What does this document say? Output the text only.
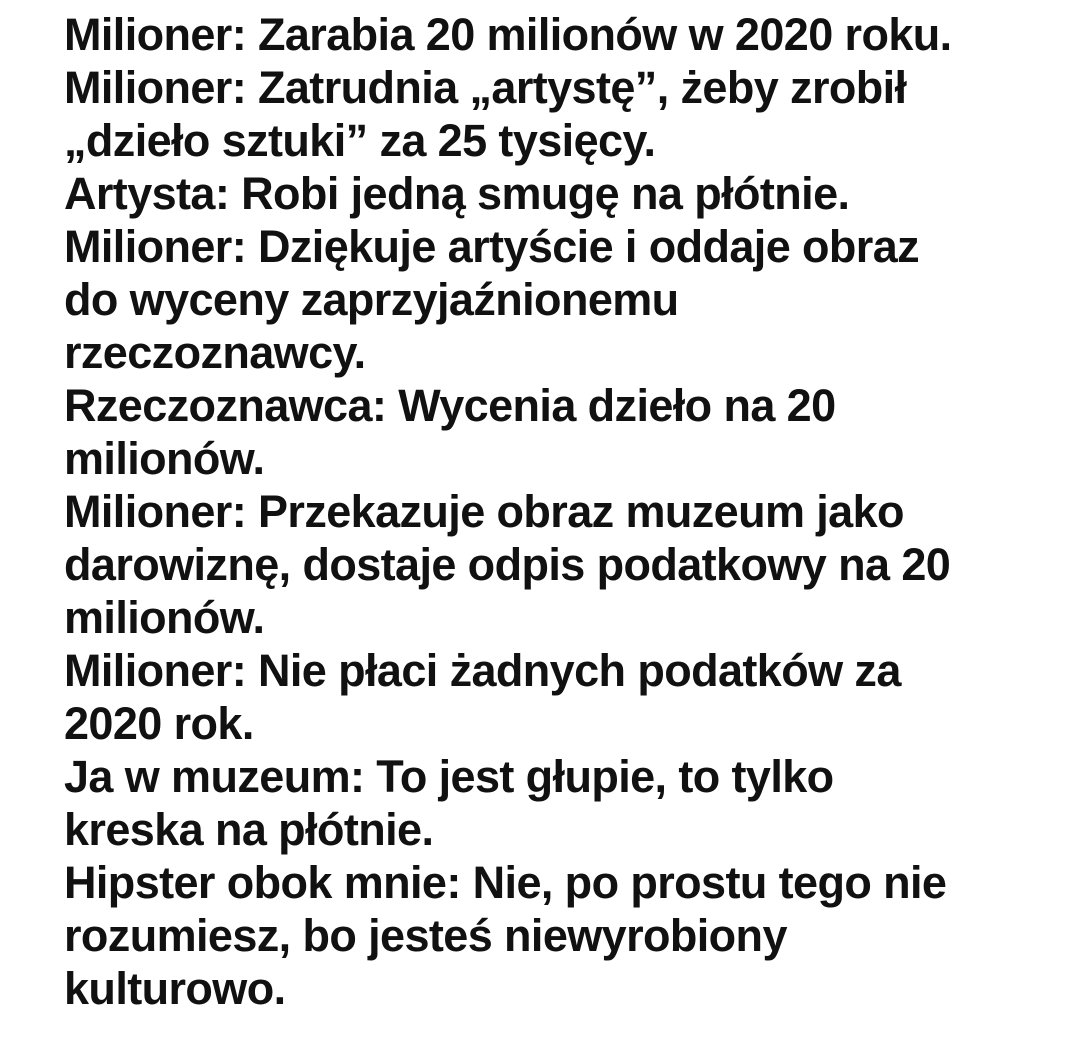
Milioner: Zarabia 20 milionów w 2020 roku.
Milioner: Zatrudnia „artystę”, żeby zrobił
„dzieło sztuki” za 25 tysięcy.
Artysta: Robi jedną smugę na płótnie.
Milioner: Dziękuje artyście i oddaje obraz
do wyceny zaprzyjaźnionemu
rzeczoznawcy.
Rzeczoznawca: Wycenia dzieło na 20
milionów.
Milioner: Przekazuje obraz muzeum jako
darowiznę, dostaje odpis podatkowy na 20
milionów.
Milioner: Nie płaci żadnych podatków za
2020 rok.
Ja w muzeum: To jest głupie, to tylko
kreska na płótnie.
Hipster obok mnie: Nie, po prostu tego nie
rozumiesz, bo jesteś niewyrobiony
kulturowo.
